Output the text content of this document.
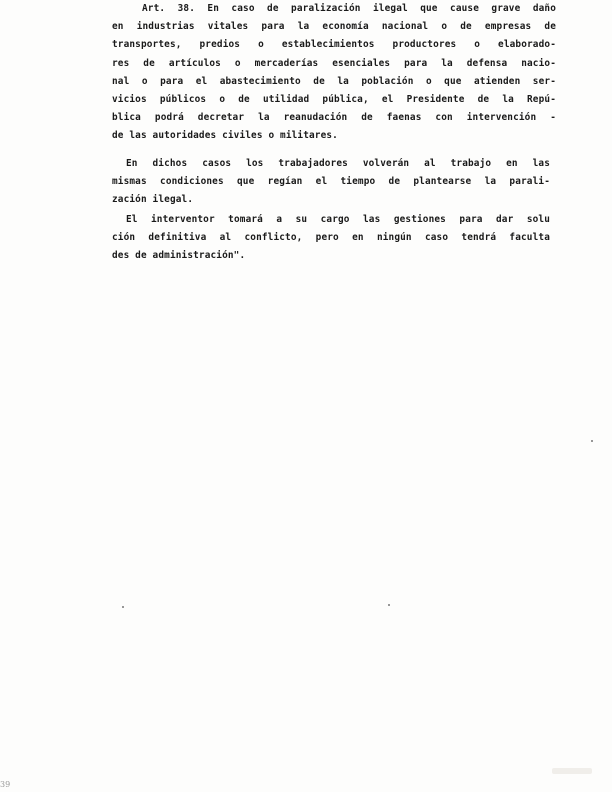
Art. 38. En caso de paralización ilegal que cause grave daño
en industrias vitales para la economía nacional o de empresas de
transportes, predios o establecimientos productores o elaborado-
res de artículos o mercaderías esenciales para la defensa nacio-
nal o para el abastecimiento de la población o que atienden ser-
vicios públicos o de utilidad pública, el Presidente de la Repú-
blica podrá decretar la reanudación de faenas con intervención -
de las autoridades civiles o militares.
En dichos casos los trabajadores volverán al trabajo en las
mismas condiciones que regían el tiempo de plantearse la parali-
zación ilegal.
El interventor tomará a su cargo las gestiones para dar solu
ción definitiva al conflicto, pero en ningún caso tendrá faculta
des de administración".
39
